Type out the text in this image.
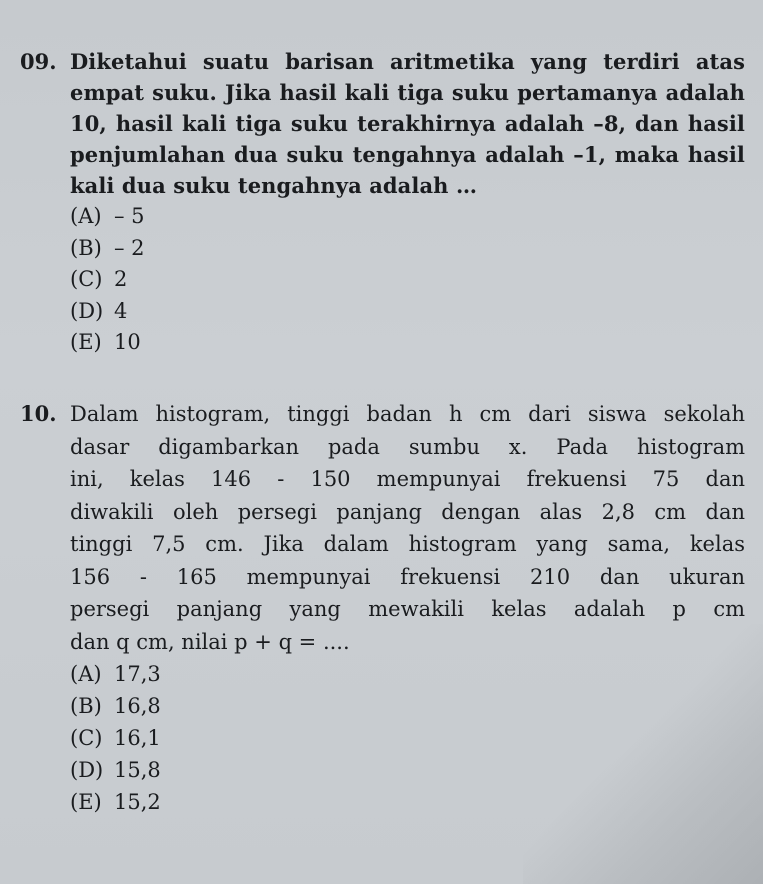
09. Diketahui suatu barisan aritmetika yang terdiri atas empat suku. Jika hasil kali tiga suku pertamanya adalah 10, hasil kali tiga suku terakhirnya adalah –8, dan hasil penjumlahan dua suku tengahnya adalah –1, maka hasil kali dua suku tengahnya adalah …

(A) – 5
(B) – 2
(C) 2
(D) 4
(E) 10
10. Dalam histogram, tinggi badan h cm dari siswa sekolah
dasar digambarkan pada sumbu x. Pada histogram
ini, kelas 146 - 150 mempunyai frekuensi 75 dan
diwakili oleh persegi panjang dengan alas 2,8 cm dan
tinggi 7,5 cm. Jika dalam histogram yang sama, kelas
156 - 165 mempunyai frekuensi 210 dan ukuran
persegi panjang yang mewakili kelas adalah p cm
dan q cm, nilai p + q = ....
(A) 17,3
(B) 16,8
(C) 16,1
(D) 15,8
(E) 15,2
